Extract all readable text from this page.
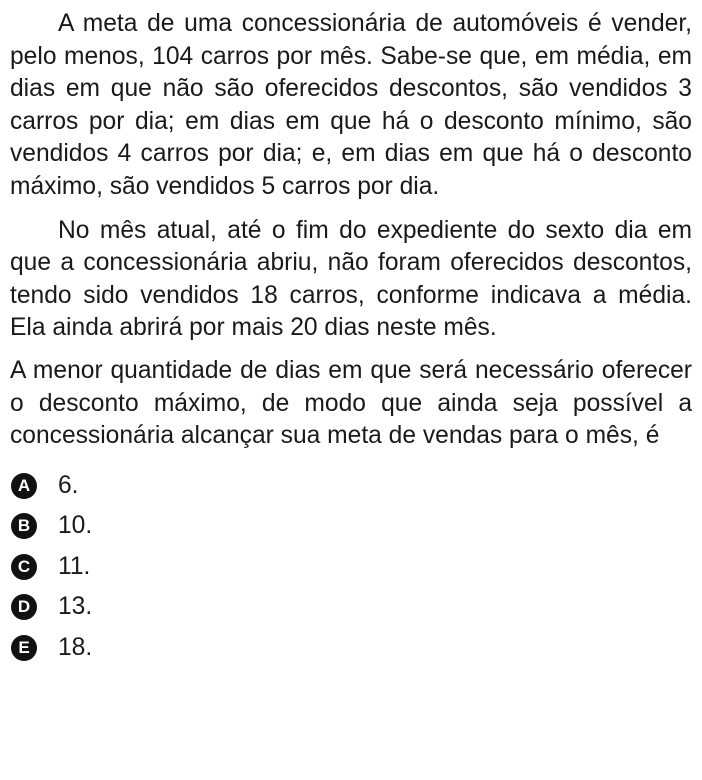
A meta de uma concessionária de automóveis é vender, pelo menos, 104 carros por mês. Sabe-se que, em média, em dias em que não são oferecidos descontos, são vendidos 3 carros por dia; em dias em que há o desconto mínimo, são vendidos 4 carros por dia; e, em dias em que há o desconto máximo, são vendidos 5 carros por dia.

No mês atual, até o fim do expediente do sexto dia em que a concessionária abriu, não foram oferecidos descontos, tendo sido vendidos 18 carros, conforme indicava a média. Ela ainda abrirá por mais 20 dias neste mês.

A menor quantidade de dias em que será necessário oferecer o desconto máximo, de modo que ainda seja possível a concessionária alcançar sua meta de vendas para o mês, é

A 6.
B 10.
C 11.
D 13.
E 18.
